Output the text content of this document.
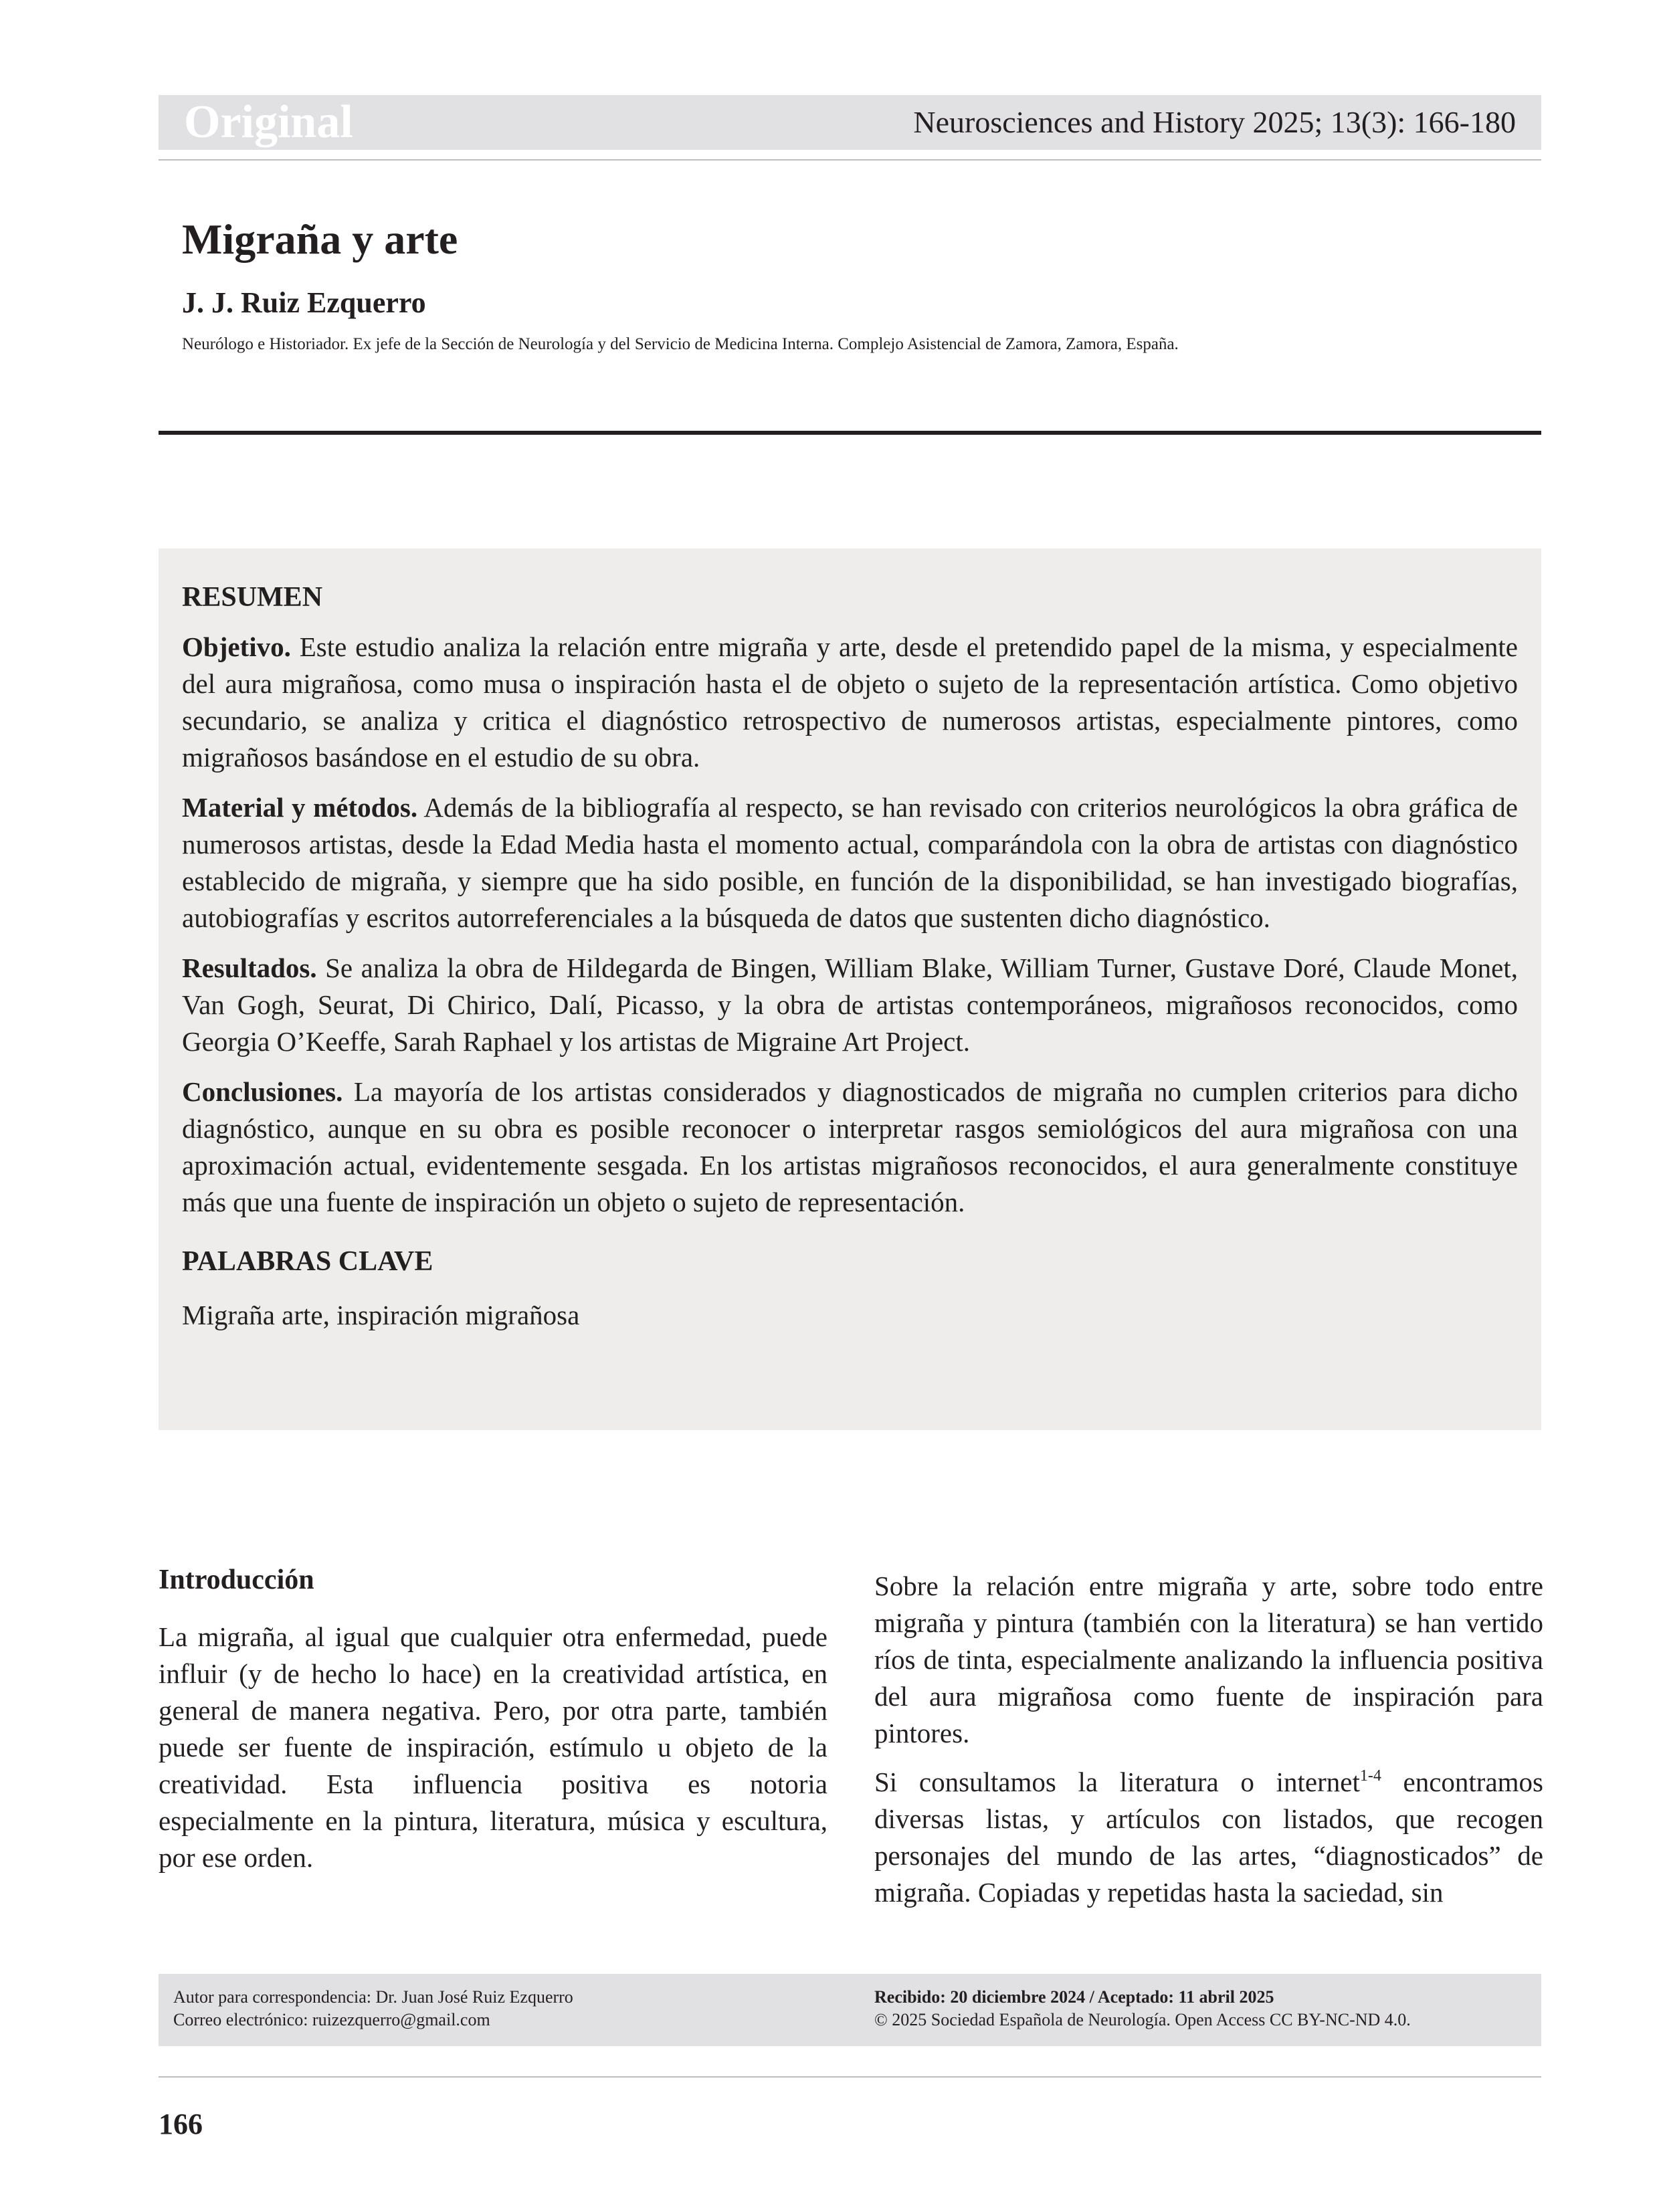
Original	Neurosciences and History 2025; 13(3): 166-180
Migraña y arte
J. J. Ruiz Ezquerro
Neurólogo e Historiador. Ex jefe de la Sección de Neurología y del Servicio de Medicina Interna. Complejo Asistencial de Zamora, Zamora, España.
RESUMEN

Objetivo. Este estudio analiza la relación entre migraña y arte, desde el pretendido papel de la misma, y especialmente del aura migrañosa, como musa o inspiración hasta el de objeto o sujeto de la representación artística. Como objetivo secundario, se analiza y critica el diagnóstico retrospectivo de numerosos artistas, especialmente pintores, como migrañosos basándose en el estudio de su obra.

Material y métodos. Además de la bibliografía al respecto, se han revisado con criterios neurológicos la obra gráfica de numerosos artistas, desde la Edad Media hasta el momento actual, comparándola con la obra de artistas con diagnóstico establecido de migraña, y siempre que ha sido posible, en función de la disponibilidad, se han investigado biografías, autobiografías y escritos autorreferenciales a la búsqueda de datos que sustenten dicho diagnóstico.

Resultados. Se analiza la obra de Hildegarda de Bingen, William Blake, William Turner, Gustave Doré, Claude Monet, Van Gogh, Seurat, Di Chirico, Dalí, Picasso, y la obra de artistas contemporáneos, migrañosos reconocidos, como Georgia O’Keeffe, Sarah Raphael y los artistas de Migraine Art Project.

Conclusiones. La mayoría de los artistas considerados y diagnosticados de migraña no cumplen criterios para dicho diagnóstico, aunque en su obra es posible reconocer o interpretar rasgos semiológicos del aura migrañosa con una aproximación actual, evidentemente sesgada. En los artistas migrañosos reconocidos, el aura generalmente constituye más que una fuente de inspiración un objeto o sujeto de representación.

PALABRAS CLAVE
Migraña arte, inspiración migrañosa
Introducción

La migraña, al igual que cualquier otra enfermedad, puede influir (y de hecho lo hace) en la creatividad artística, en general de manera negativa. Pero, por otra parte, también puede ser fuente de inspiración, estímulo u objeto de la creatividad. Esta influencia positiva es notoria especialmente en la pintura, literatura, música y escultura, por ese orden.

Sobre la relación entre migraña y arte, sobre todo entre migraña y pintura (también con la literatura) se han vertido ríos de tinta, especialmente analizando la influencia positiva del aura migrañosa como fuente de inspiración para pintores.

Si consultamos la literatura o internet$^{1-4}$ encontramos diversas listas, y artículos con listados, que recogen personajes del mundo de las artes, “diagnosticados” de migraña. Copiadas y repetidas hasta la saciedad, sin

Autor para correspondencia: Dr. Juan José Ruiz Ezquerro
Correo electrónico: ruizezquerro@gmail.com
Recibido: 20 diciembre 2024 / Aceptado: 11 abril 2025
© 2025 Sociedad Española de Neurología. Open Access CC BY-NC-ND 4.0.
166
